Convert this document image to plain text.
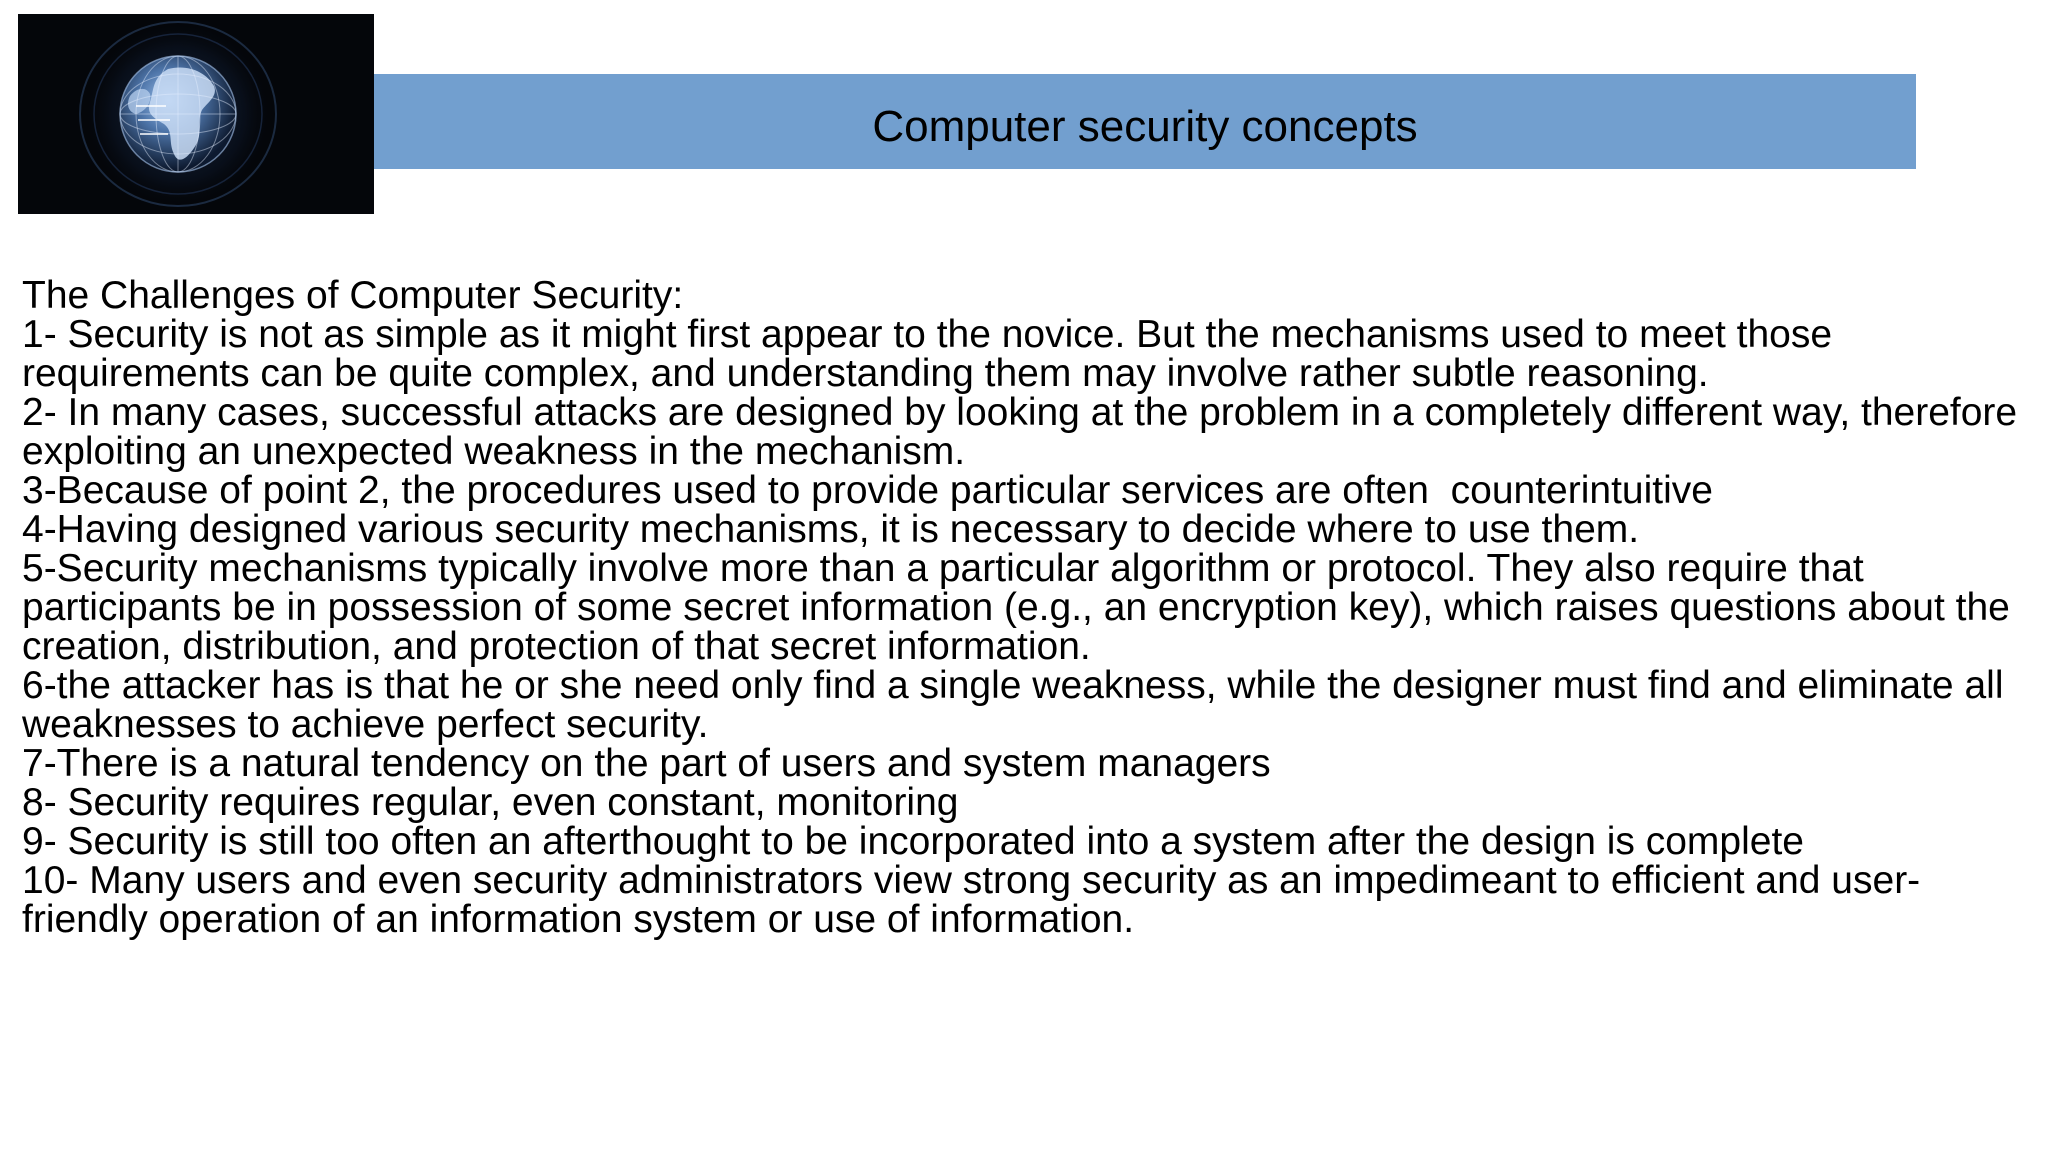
Computer security concepts
The Challenges of Computer Security:
1- Security is not as simple as it might first appear to the novice. But the mechanisms used to meet those requirements can be quite complex, and understanding them may involve rather subtle reasoning.
2- In many cases, successful attacks are designed by looking at the problem in a completely different way, therefore exploiting an unexpected weakness in the mechanism.
3-Because of point 2, the procedures used to provide particular services are often  counterintuitive
4-Having designed various security mechanisms, it is necessary to decide where to use them.
5-Security mechanisms typically involve more than a particular algorithm or protocol. They also require that participants be in possession of some secret information (e.g., an encryption key), which raises questions about the creation, distribution, and protection of that secret information.
6-the attacker has is that he or she need only find a single weakness, while the designer must find and eliminate all weaknesses to achieve perfect security.
7-There is a natural tendency on the part of users and system managers
8- Security requires regular, even constant, monitoring
9- Security is still too often an afterthought to be incorporated into a system after the design is complete
10- Many users and even security administrators view strong security as an impedimeant to efficient and user-friendly operation of an information system or use of information.
